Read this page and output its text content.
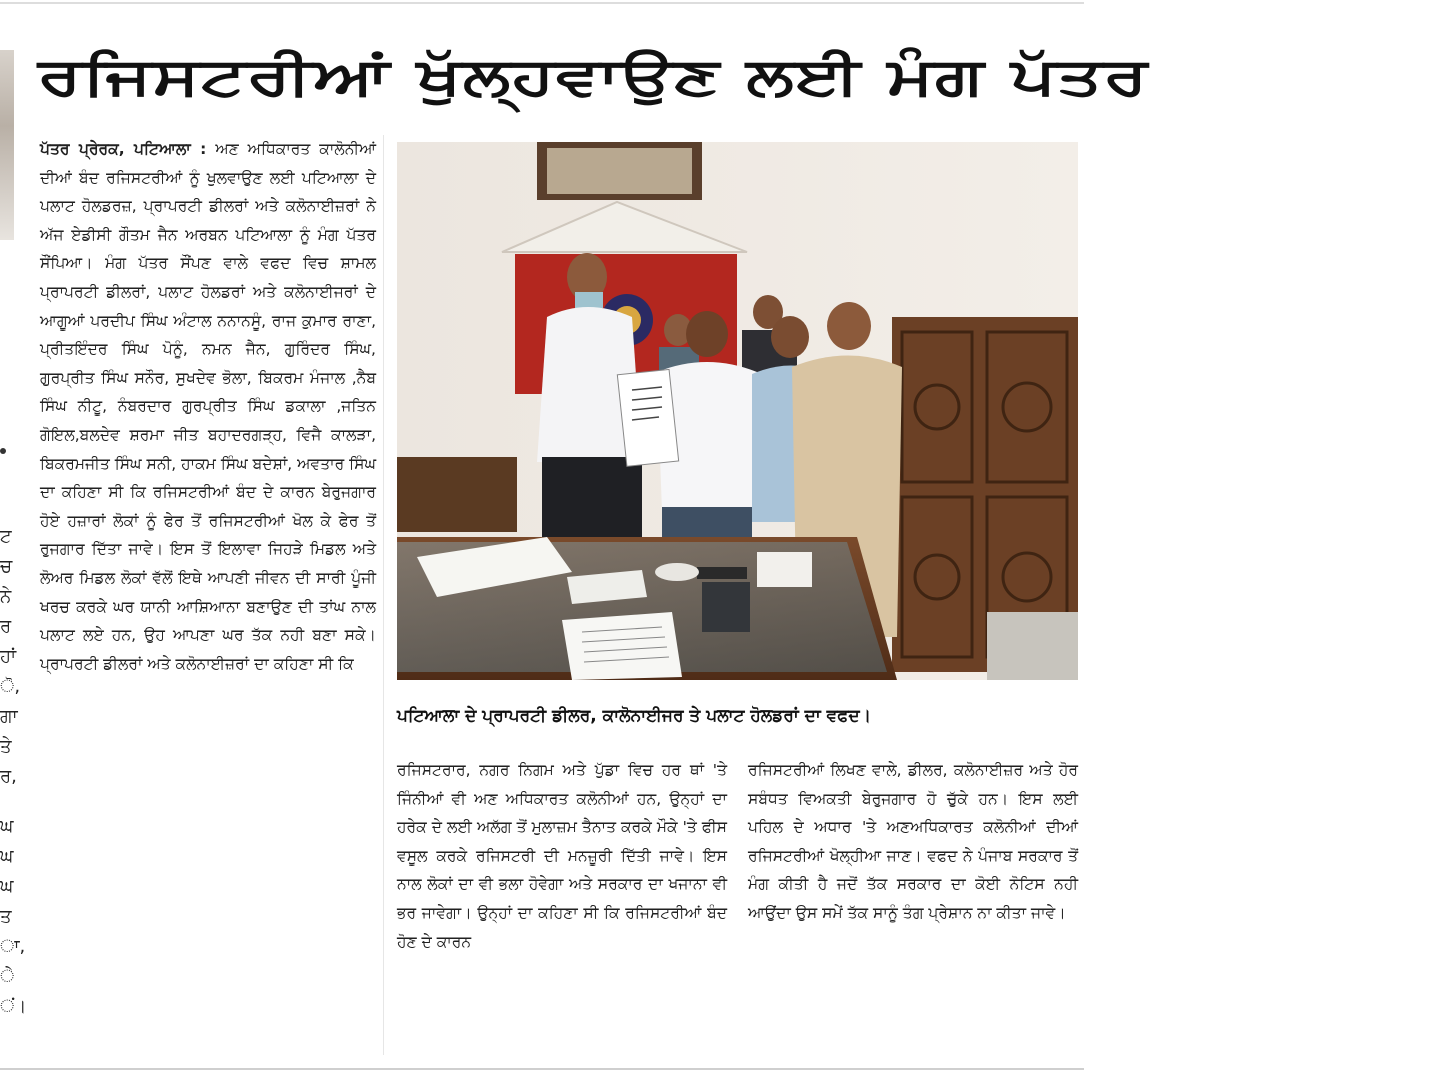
ਟ
ਚ
ਨੇ
ਰ
ਹਾਂ
ੋ,
ਗਾ
ਤੇ
ਰ,
ਘ
ਘ
ਘ
ਤ
ਾ,
ੇ
ਂ।
ਰਜਿਸਟਰੀਆਂ ਖੁੱਲ੍ਹਵਾਉਣ ਲਈ ਮੰਗ ਪੱਤਰ

ਪੱਤਰ ਪ੍ਰੇਰਕ, ਪਟਿਆਲਾ : ਅਣ ਅਧਿਕਾਰਤ ਕਾਲੋਨੀਆਂ ਦੀਆਂ ਬੰਦ ਰਜਿਸਟਰੀਆਂ ਨੂੰ ਖੁਲਵਾਉਣ ਲਈ ਪਟਿਆਲਾ ਦੇ ਪਲਾਟ ਹੋਲਡਰਜ਼, ਪ੍ਰਾਪਰਟੀ ਡੀਲਰਾਂ ਅਤੇ ਕਲੋਨਾਈਜ਼ਰਾਂ ਨੇ ਅੱਜ ਏਡੀਸੀ ਗੌਤਮ ਜੈਨ ਅਰਬਨ ਪਟਿਆਲਾ ਨੂੰ ਮੰਗ ਪੱਤਰ ਸੌਂਪਿਆ। ਮੰਗ ਪੱਤਰ ਸੌਂਪਣ ਵਾਲੇ ਵਫਦ ਵਿਚ ਸ਼ਾਮਲ ਪ੍ਰਾਪਰਟੀ ਡੀਲਰਾਂ, ਪਲਾਟ ਹੋਲਡਰਾਂ ਅਤੇ ਕਲੋਨਾਈਜਰਾਂ ਦੇ ਆਗੂਆਂ ਪਰਦੀਪ ਸਿੰਘ ਅੰਟਾਲ ਨਨਾਨਸੂੰ, ਰਾਜ ਕੁਮਾਰ ਰਾਣਾ, ਪ੍ਰੀਤਇੰਦਰ ਸਿੰਘ ਪੋਨੂੰ, ਨਮਨ ਜੈਨ, ਗੁਰਿੰਦਰ ਸਿੰਘ, ਗੁਰਪ੍ਰੀਤ ਸਿੰਘ ਸਨੌਰ, ਸੁਖਦੇਵ ਭੋਲਾ, ਬਿਕਰਮ ਮੰਜਾਲ ,ਨੈਬ ਸਿੰਘ ਨੀਟੂ, ਨੰਬਰਦਾਰ ਗੁਰਪ੍ਰੀਤ ਸਿੰਘ ਡਕਾਲਾ ,ਜਤਿਨ ਗੋਇਲ,ਬਲਦੇਵ ਸ਼ਰਮਾ ਜੀਤ ਬਹਾਦਰਗੜ੍ਹ, ਵਿਜੈ ਕਾਲੜਾ, ਬਿਕਰਮਜੀਤ ਸਿੰਘ ਸਨੀ, ਹਾਕਮ ਸਿੰਘ ਬਦੇਸ਼ਾਂ, ਅਵਤਾਰ ਸਿੰਘ ਦਾ ਕਹਿਣਾ ਸੀ ਕਿ ਰਜਿਸਟਰੀਆਂ ਬੰਦ ਦੇ ਕਾਰਨ ਬੇਰੁਜਗਾਰ ਹੋਏ ਹਜ਼ਾਰਾਂ ਲੋਕਾਂ ਨੂੰ ਫੇਰ ਤੋਂ ਰਜਿਸਟਰੀਆਂ ਖੋਲ ਕੇ ਫੇਰ ਤੋਂ ਰੁਜਗਾਰ ਦਿੱਤਾ ਜਾਵੇ। ਇਸ ਤੋਂ ਇਲਾਵਾ ਜਿਹੜੇ ਮਿਡਲ ਅਤੇ ਲੋਅਰ ਮਿਡਲ ਲੋਕਾਂ ਵੱਲੋਂ ਇਥੇ ਆਪਣੀ ਜੀਵਨ ਦੀ ਸਾਰੀ ਪੂੰਜੀ ਖਰਚ ਕਰਕੇ ਘਰ ਯਾਨੀ ਆਸ਼ਿਆਨਾ ਬਣਾਉਣ ਦੀ ਤਾਂਘ ਨਾਲ ਪਲਾਟ ਲਏ ਹਨ, ਉਹ ਆਪਣਾ ਘਰ ਤੱਕ ਨਹੀ ਬਣਾ ਸਕੇ। ਪ੍ਰਾਪਰਟੀ ਡੀਲਰਾਂ ਅਤੇ ਕਲੋਨਾਈਜ਼ਰਾਂ ਦਾ ਕਹਿਣਾ ਸੀ ਕਿ

ਪਟਿਆਲਾ ਦੇ ਪ੍ਰਾਪਰਟੀ ਡੀਲਰ, ਕਾਲੋਨਾਈਜਰ ਤੇ ਪਲਾਟ ਹੋਲਡਰਾਂ ਦਾ ਵਫਦ।
ਰਜਿਸਟਰਾਰ, ਨਗਰ ਨਿਗਮ ਅਤੇ ਪੁੱਡਾ ਵਿਚ ਹਰ ਥਾਂ 'ਤੇ ਜਿੰਨੀਆਂ ਵੀ ਅਣ ਅਧਿਕਾਰਤ ਕਲੋਨੀਆਂ ਹਨ, ਉਨ੍ਹਾਂ ਦਾ ਹਰੇਕ ਦੇ ਲਈ ਅਲੱਗ ਤੋਂ ਮੁਲਾਜ਼ਮ ਤੈਨਾਤ ਕਰਕੇ ਮੌਕੇ 'ਤੇ ਫੀਸ ਵਸੂਲ ਕਰਕੇ ਰਜਿਸਟਰੀ ਦੀ ਮਨਜ਼ੂਰੀ ਦਿੱਤੀ ਜਾਵੇ। ਇਸ ਨਾਲ ਲੋਕਾਂ ਦਾ ਵੀ ਭਲਾ ਹੋਵੇਗਾ ਅਤੇ ਸਰਕਾਰ ਦਾ ਖਜਾਨਾ ਵੀ ਭਰ ਜਾਵੇਗਾ। ਉਨ੍ਹਾਂ ਦਾ ਕਹਿਣਾ ਸੀ ਕਿ ਰਜਿਸਟਰੀਆਂ ਬੰਦ ਹੋਣ ਦੇ ਕਾਰਨ
ਰਜਿਸਟਰੀਆਂ ਲਿਖਣ ਵਾਲੇ, ਡੀਲਰ, ਕਲੋਨਾਈਜ਼ਰ ਅਤੇ ਹੋਰ ਸਬੰਧਤ ਵਿਅਕਤੀ ਬੇਰੁਜਗਾਰ ਹੋ ਚੁੱਕੇ ਹਨ। ਇਸ ਲਈ ਪਹਿਲ ਦੇ ਅਧਾਰ 'ਤੇ ਅਣਅਧਿਕਾਰਤ ਕਲੋਨੀਆਂ ਦੀਆਂ ਰਜਿਸਟਰੀਆਂ ਖੋਲ੍ਹੀਆ ਜਾਣ। ਵਫਦ ਨੇ ਪੰਜਾਬ ਸਰਕਾਰ ਤੋਂ ਮੰਗ ਕੀਤੀ ਹੈ ਜਦੋਂ ਤੱਕ ਸਰਕਾਰ ਦਾ ਕੋਈ ਨੋਟਿਸ ਨਹੀ ਆਉਂਦਾ ਉਸ ਸਮੇਂ ਤੱਕ ਸਾਨੂੰ ਤੰਗ ਪ੍ਰੇਸ਼ਾਨ ਨਾ ਕੀਤਾ ਜਾਵੇ।
